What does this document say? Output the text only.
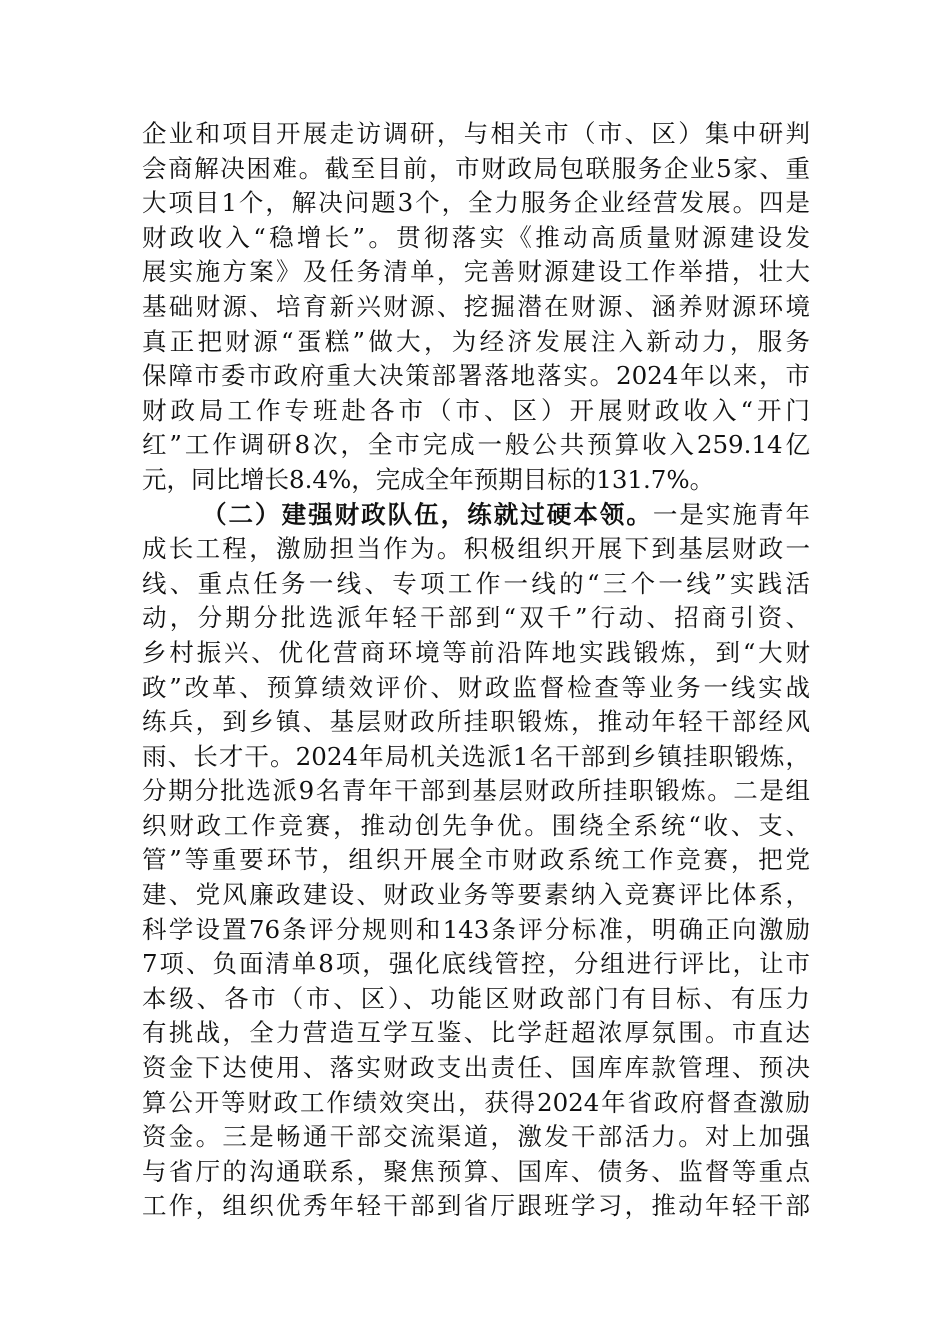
企业和项目开展走访调研，与相关市（市、区）集中研判
会商解决困难。截至目前，市财政局包联服务企业5家、重
大项目1个，解决问题3个，全力服务企业经营发展。四是
财政收入“稳增长”。贯彻落实《推动高质量财源建设发
展实施方案》及任务清单，完善财源建设工作举措，壮大
基础财源、培育新兴财源、挖掘潜在财源、涵养财源环境
真正把财源“蛋糕”做大，为经济发展注入新动力，服务
保障市委市政府重大决策部署落地落实。2024年以来，市
财政局工作专班赴各市（市、区）开展财政收入“开门
红”工作调研8次，全市完成一般公共预算收入259.14亿
元，同比增长8.4%，完成全年预期目标的131.7%。
（二）建强财政队伍，练就过硬本领。一是实施青年
成长工程，激励担当作为。积极组织开展下到基层财政一
线、重点任务一线、专项工作一线的“三个一线”实践活
动，分期分批选派年轻干部到“双千”行动、招商引资、
乡村振兴、优化营商环境等前沿阵地实践锻炼，到“大财
政”改革、预算绩效评价、财政监督检查等业务一线实战
练兵，到乡镇、基层财政所挂职锻炼，推动年轻干部经风
雨、长才干。2024年局机关选派1名干部到乡镇挂职锻炼，
分期分批选派9名青年干部到基层财政所挂职锻炼。二是组
织财政工作竞赛，推动创先争优。围绕全系统“收、支、
管”等重要环节，组织开展全市财政系统工作竞赛，把党
建、党风廉政建设、财政业务等要素纳入竞赛评比体系，
科学设置76条评分规则和143条评分标准，明确正向激励
7项、负面清单8项，强化底线管控，分组进行评比，让市
本级、各市（市、区）、功能区财政部门有目标、有压力
有挑战，全力营造互学互鉴、比学赶超浓厚氛围。市直达
资金下达使用、落实财政支出责任、国库库款管理、预决
算公开等财政工作绩效突出，获得2024年省政府督查激励
资金。三是畅通干部交流渠道，激发干部活力。对上加强
与省厅的沟通联系，聚焦预算、国库、债务、监督等重点
工作，组织优秀年轻干部到省厅跟班学习，推动年轻干部
